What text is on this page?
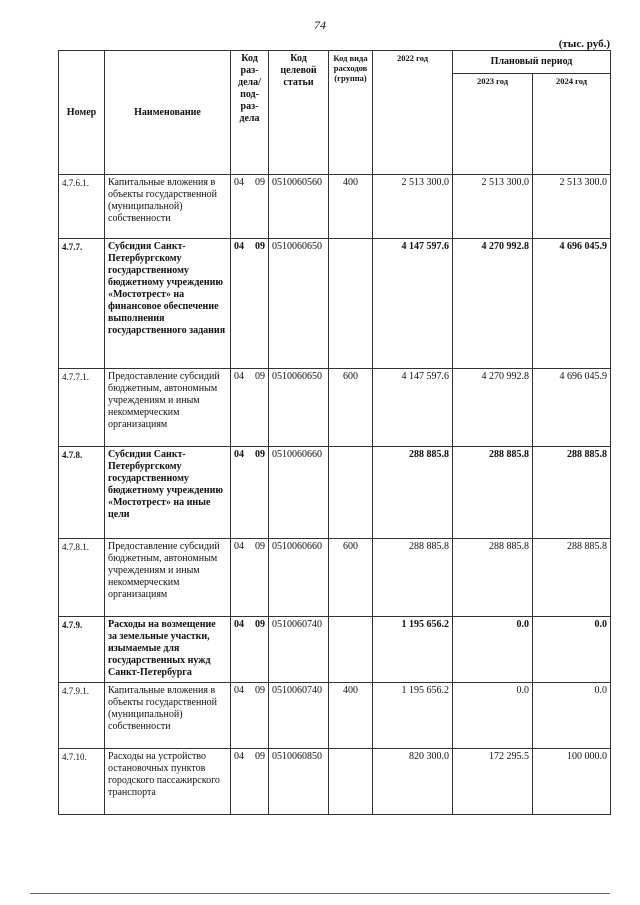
74
(тыс. руб.)
Номер	Наименование	Код раз-дела/ под-раз-дела	Код целевой статьи	Код вида расходов (группа)	2022 год	Плановый период	
						2023 год	2024 год
4.7.6.1.	Капитальные вложения в объекты государственной (муниципальной) собственности	04 09	0510060560	400	2 513 300.0	2 513 300.0	2 513 300.0
4.7.7.	Субсидия Санкт-Петербургскому государственному бюджетному учреждению «Мостотрест» на финансовое обеспечение выполнения государственного задания	04 09	0510060650		4 147 597.6	4 270 992.8	4 696 045.9
4.7.7.1.	Предоставление субсидий бюджетным, автономным учреждениям и иным некоммерческим организациям	04 09	0510060650	600	4 147 597.6	4 270 992.8	4 696 045.9
4.7.8.	Субсидия Санкт-Петербургскому государственному бюджетному учреждению «Мостотрест» на иные цели	04 09	0510060660		288 885.8	288 885.8	288 885.8
4.7.8.1.	Предоставление субсидий бюджетным, автономным учреждениям и иным некоммерческим организациям	04 09	0510060660	600	288 885.8	288 885.8	288 885.8
4.7.9.	Расходы на возмещение за земельные участки, изымаемые для государственных нужд Санкт-Петербурга	04 09	0510060740		1 195 656.2	0.0	0.0
4.7.9.1.	Капитальные вложения в объекты государственной (муниципальной) собственности	04 09	0510060740	400	1 195 656.2	0.0	0.0
4.7.10.	Расходы на устройство остановочных пунктов городского пассажирского транспорта	04 09	0510060850		820 300.0	172 295.5	100 000.0
